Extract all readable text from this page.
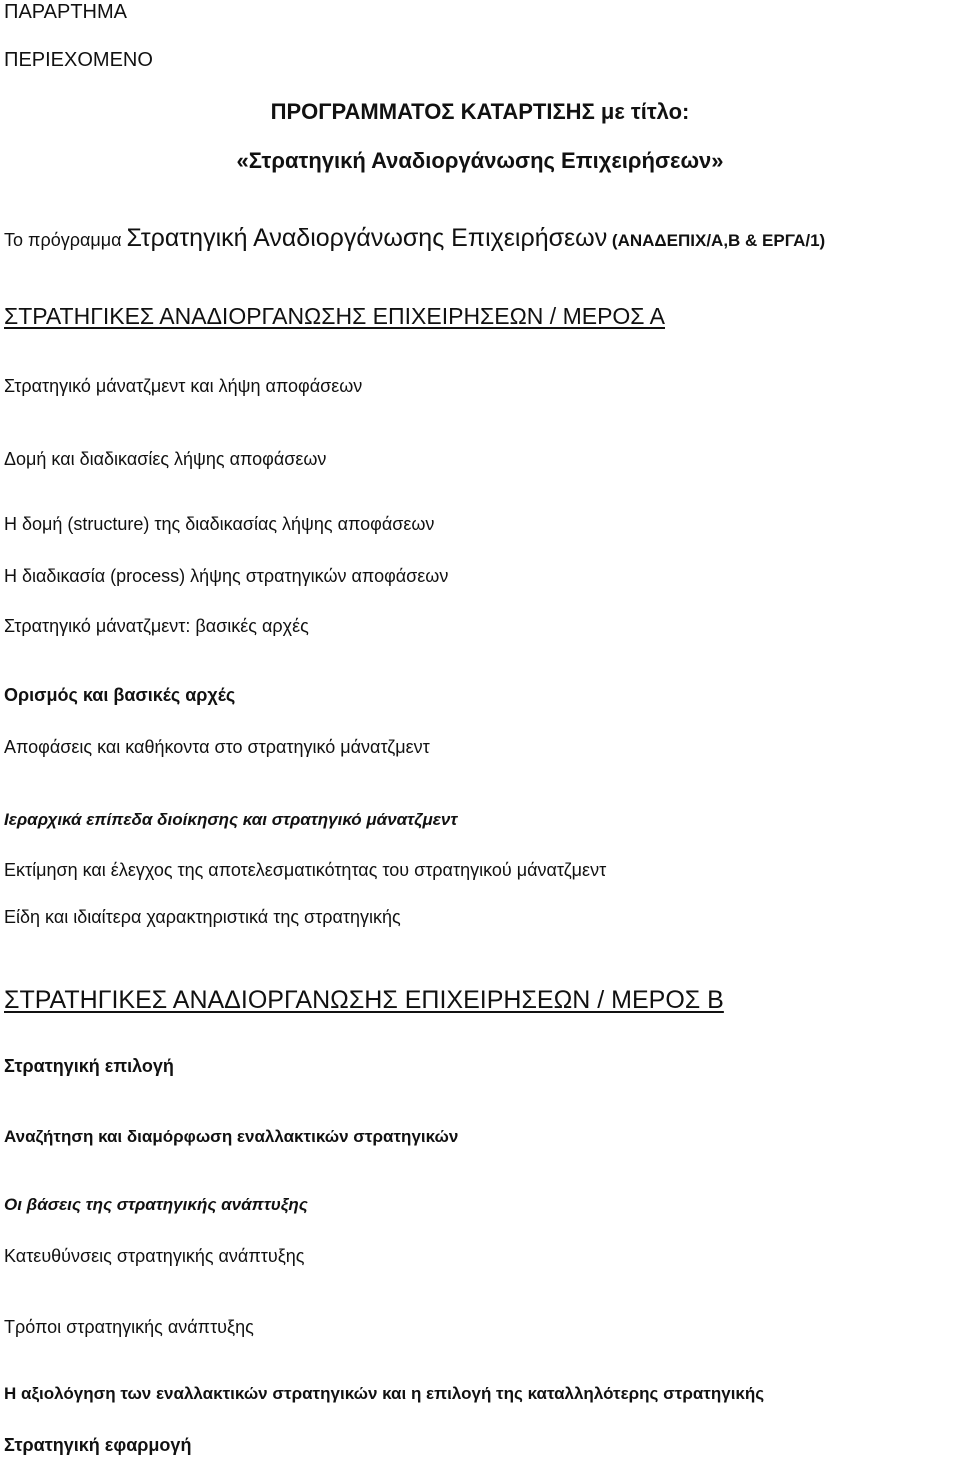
ΠΑΡΑΡΤΗΜΑ
ΠΕΡΙΕΧΟΜΕΝΟ
ΠΡΟΓΡΑΜΜΑΤΟΣ ΚΑΤΑΡΤΙΣΗΣ με τίτλο:
«Στρατηγική Αναδιοργάνωσης Επιχειρήσεων»
Το πρόγραμμα Στρατηγική Αναδιοργάνωσης Επιχειρήσεων (ΑΝΑΔΕΠΙΧ/Α,Β & ΕΡΓΑ/1)
ΣΤΡΑΤΗΓΙΚΕΣ ΑΝΑΔΙΟΡΓΑΝΩΣΗΣ ΕΠΙΧΕΙΡΗΣΕΩΝ / ΜΕΡΟΣ Α
Στρατηγικό μάνατζμεντ και λήψη αποφάσεων
Δομή και διαδικασίες λήψης αποφάσεων
Η δομή (structure) της διαδικασίας λήψης αποφάσεων
Η διαδικασία (process) λήψης στρατηγικών αποφάσεων
Στρατηγικό μάνατζμεντ: βασικές αρχές
Ορισμός και βασικές αρχές
Αποφάσεις και καθήκοντα στο στρατηγικό μάνατζμεντ
Ιεραρχικά επίπεδα διοίκησης και στρατηγικό μάνατζμεντ
Εκτίμηση και έλεγχος της αποτελεσματικότητας του στρατηγικού μάνατζμεντ
Είδη και ιδιαίτερα χαρακτηριστικά της στρατηγικής
ΣΤΡΑΤΗΓΙΚΕΣ ΑΝΑΔΙΟΡΓΑΝΩΣΗΣ ΕΠΙΧΕΙΡΗΣΕΩΝ / ΜΕΡΟΣ Β
Στρατηγική επιλογή
Αναζήτηση και διαμόρφωση εναλλακτικών στρατηγικών
Οι βάσεις της στρατηγικής ανάπτυξης
Κατευθύνσεις στρατηγικής ανάπτυξης
Τρόποι στρατηγικής ανάπτυξης
Η αξιολόγηση των εναλλακτικών στρατηγικών και η επιλογή της καταλληλότερης στρατηγικής
Στρατηγική εφαρμογή
